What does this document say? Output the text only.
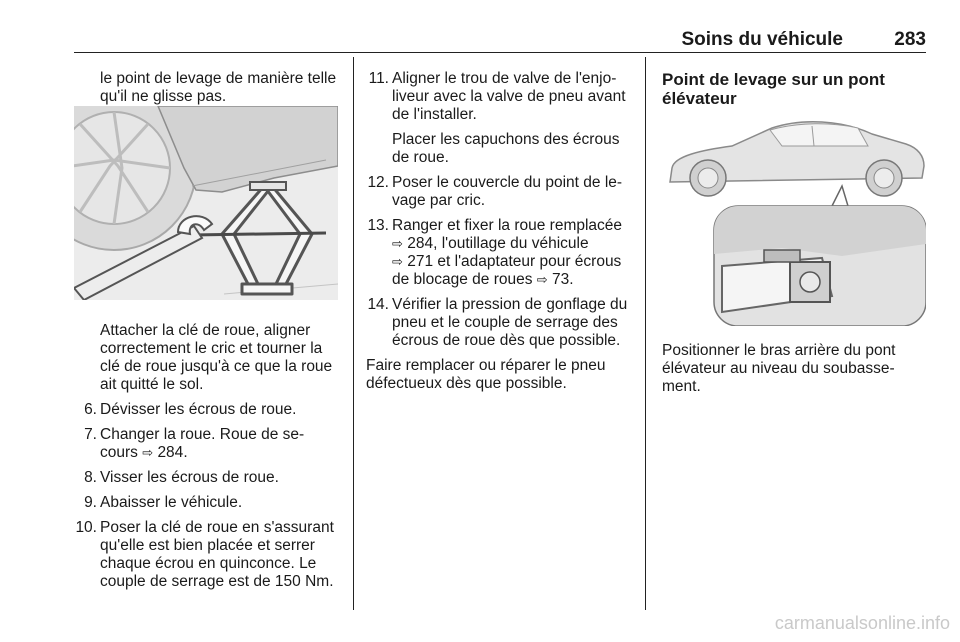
Soins du véhicule	283

le point de levage de manière telle qu'il ne glisse pas.

Attacher la clé de roue, aligner correctement le cric et tourner la clé de roue jusqu'à ce que la roue ait quitté le sol.

6. Dévisser les écrous de roue.
7. Changer la roue. Roue de se-cours ⇨ 284.
8. Visser les écrous de roue.
9. Abaisser le véhicule.
10. Poser la clé de roue en s'assurant qu'elle est bien placée et serrer chaque écrou en quinconce. Le couple de serrage est de 150 Nm.
11. Aligner le trou de valve de l'enjo-liveur avec la valve de pneu avant de l'installer.

Placer les capuchons des écrous de roue.

12. Poser le couvercle du point de le-vage par cric.
13. Ranger et fixer la roue remplacée
⇨ 284, l'outillage du véhicule
⇨ 271 et l'adaptateur pour écrous de blocage de roues ⇨ 73.
14. Vérifier la pression de gonflage du pneu et le couple de serrage des écrous de roue dès que possible.

Faire remplacer ou réparer le pneu défectueux dès que possible.

Point de levage sur un pont élévateur

Positionner le bras arrière du pont élévateur au niveau du soubasse-ment.

carmanualsonline.info
